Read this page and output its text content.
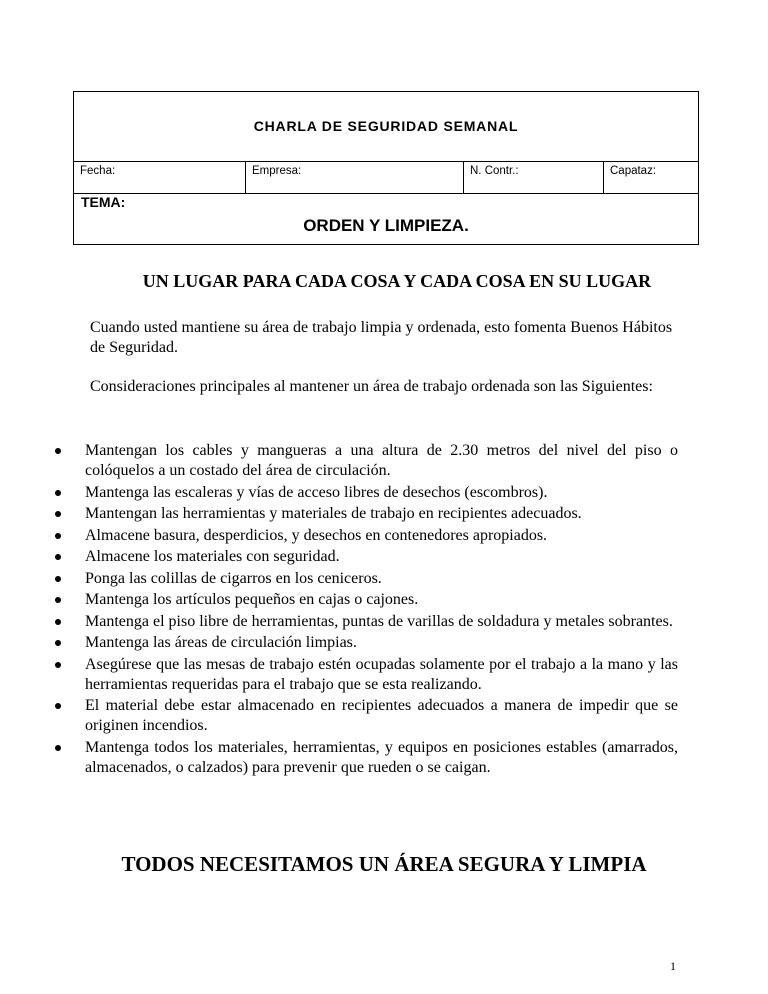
CHARLA DE SEGURIDAD SEMANAL
Fecha:	Empresa:	N. Contr.:	Capataz:
TEMA:
ORDEN Y LIMPIEZA.
UN LUGAR PARA CADA COSA Y CADA COSA EN SU LUGAR
Cuando usted mantiene su área de trabajo limpia y ordenada, esto fomenta Buenos Hábitos de Seguridad.
Consideraciones principales al mantener un área de trabajo ordenada son las Siguientes:
Mantengan los cables y mangueras a una altura de 2.30 metros del nivel del piso o colóquelos a un costado del área de circulación.
Mantenga las escaleras y vías de acceso libres de desechos (escombros).
Mantengan las herramientas y materiales de trabajo en recipientes adecuados.
Almacene basura, desperdicios, y desechos en contenedores apropiados.
Almacene los materiales con seguridad.
Ponga las colillas de cigarros en los ceniceros.
Mantenga los artículos pequeños en cajas o cajones.
Mantenga el piso libre de herramientas, puntas de varillas de soldadura y metales sobrantes.
Mantenga las áreas de circulación limpias.
Asegúrese que las mesas de trabajo estén ocupadas solamente por el trabajo a la mano y las herramientas requeridas para el trabajo que se esta realizando.
El material debe estar almacenado en recipientes adecuados a manera de impedir que se originen incendios.
Mantenga todos los materiales, herramientas, y equipos en posiciones estables (amarrados, almacenados, o calzados) para prevenir que rueden o se caigan.
TODOS NECESITAMOS UN ÁREA SEGURA Y LIMPIA
1
